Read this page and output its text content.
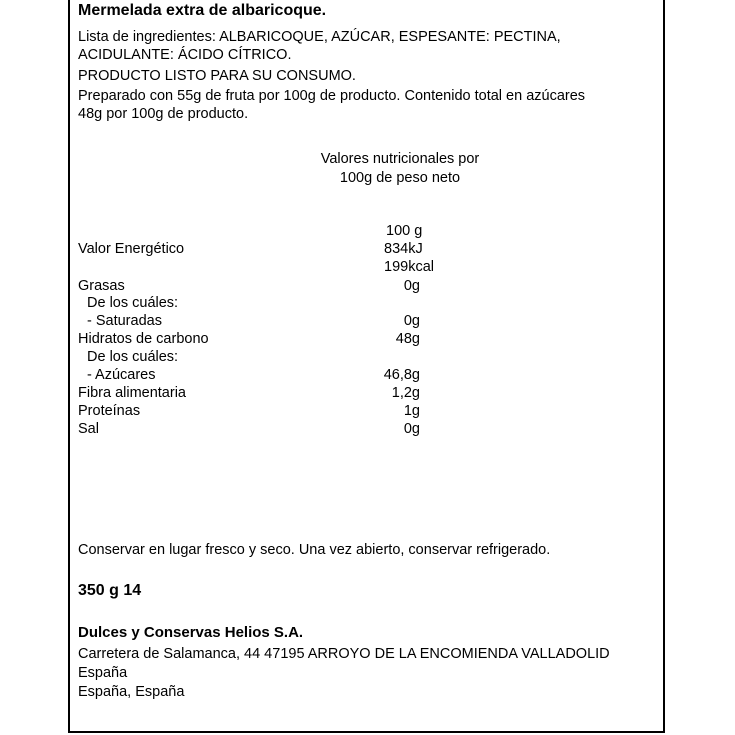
Mermelada extra de albaricoque.
Lista de ingredientes: ALBARICOQUE, AZÚCAR, ESPESANTE: PECTINA,
ACIDULANTE: ÁCIDO CÍTRICO.
PRODUCTO LISTO PARA SU CONSUMO.
Preparado con 55g de fruta por 100g de producto. Contenido total en azúcares
48g por 100g de producto.
Valores nutricionales por
100g de peso neto
100 g
Valor Energético	834kJ
199kcal
Grasas	0g
De los cuáles:
- Saturadas	0g
Hidratos de carbono	48g
De los cuáles:
- Azúcares	46,8g
Fibra alimentaria	1,2g
Proteínas	1g
Sal	0g
Conservar en lugar fresco y seco. Una vez abierto, conservar refrigerado.
350 g 14
Dulces y Conservas Helios S.A.
Carretera de Salamanca, 44 47195 ARROYO DE LA ENCOMIENDA VALLADOLID
España
España, España
